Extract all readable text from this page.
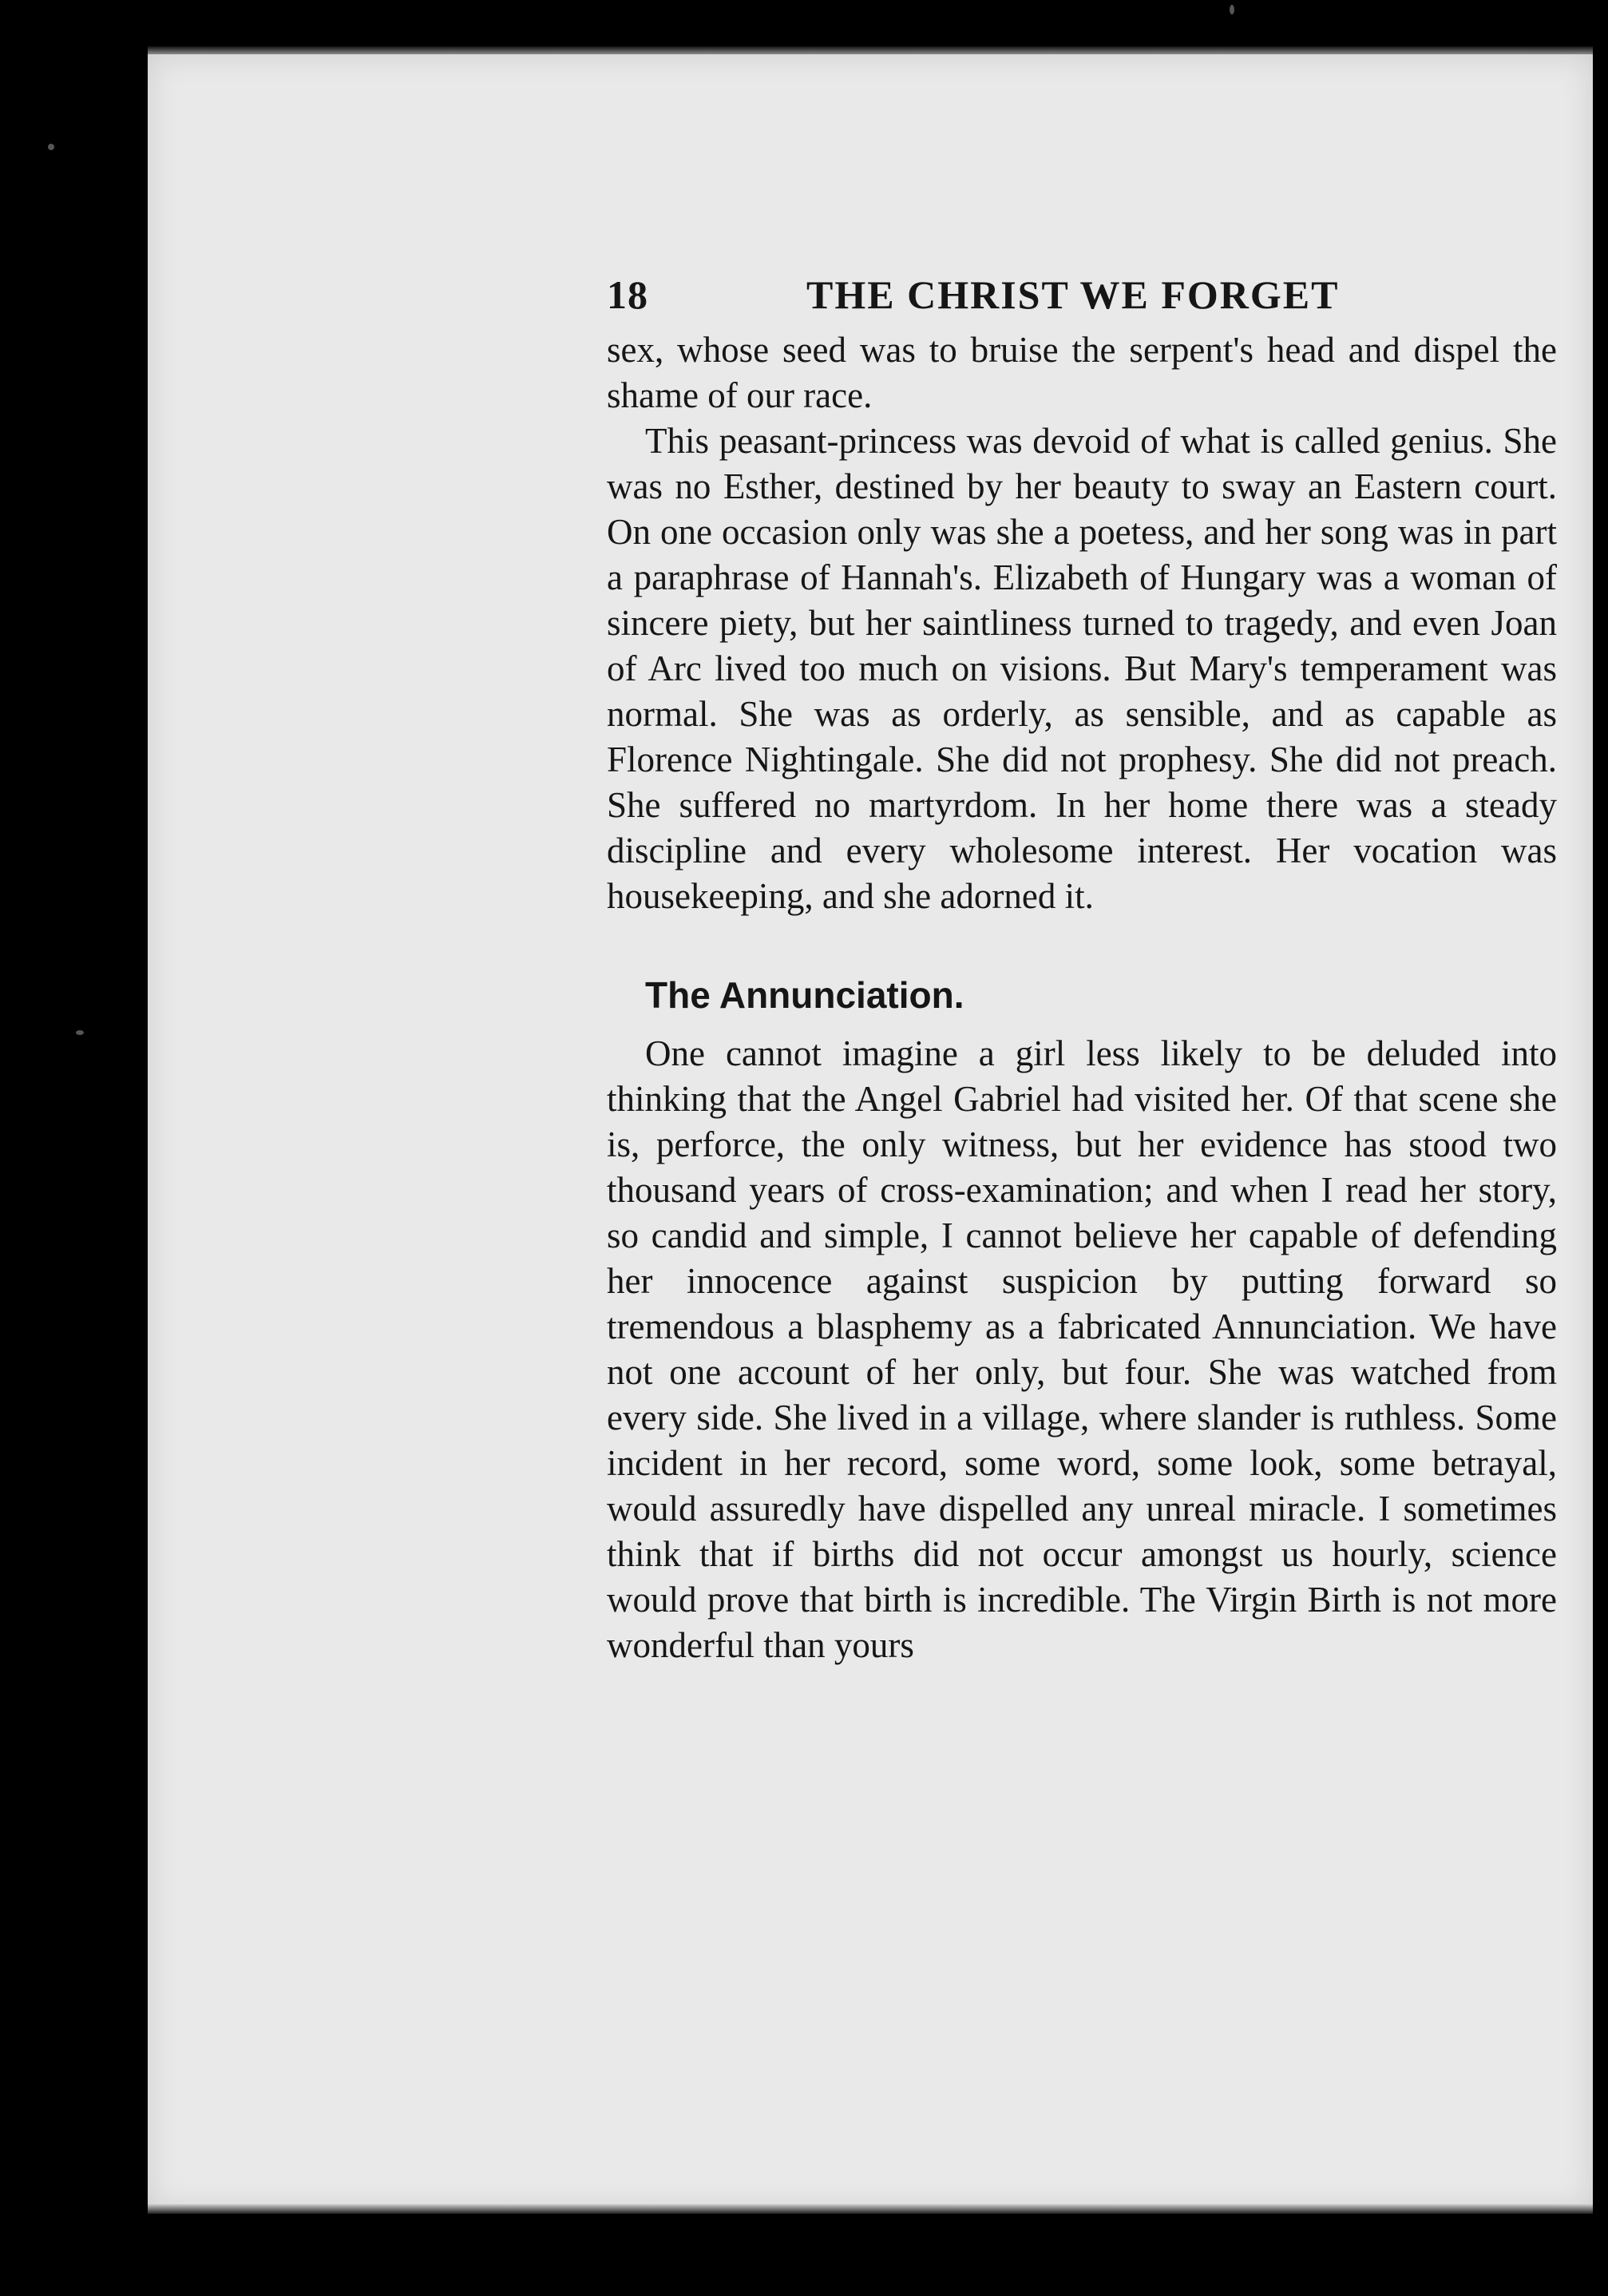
18	THE CHRIST WE FORGET

sex, whose seed was to bruise the serpent's head and dispel the shame of our race.

This peasant-princess was devoid of what is called genius. She was no Esther, destined by her beauty to sway an Eastern court. On one occasion only was she a poetess, and her song was in part a paraphrase of Hannah's. Elizabeth of Hungary was a woman of sincere piety, but her saintliness turned to tragedy, and even Joan of Arc lived too much on visions. But Mary's temperament was normal. She was as orderly, as sensible, and as capable as Florence Nightingale. She did not prophesy. She did not preach. She suffered no martyrdom. In her home there was a steady discipline and every wholesome interest. Her vocation was housekeeping, and she adorned it.

The Annunciation.

One cannot imagine a girl less likely to be deluded into thinking that the Angel Gabriel had visited her. Of that scene she is, perforce, the only witness, but her evidence has stood two thousand years of cross-examination; and when I read her story, so candid and simple, I cannot believe her capable of defending her innocence against suspicion by putting forward so tremendous a blasphemy as a fabricated Annunciation. We have not one account of her only, but four. She was watched from every side. She lived in a village, where slander is ruthless. Some incident in her record, some word, some look, some betrayal, would assuredly have dispelled any unreal miracle. I sometimes think that if births did not occur amongst us hourly, science would prove that birth is incredible. The Virgin Birth is not more wonderful than yours
